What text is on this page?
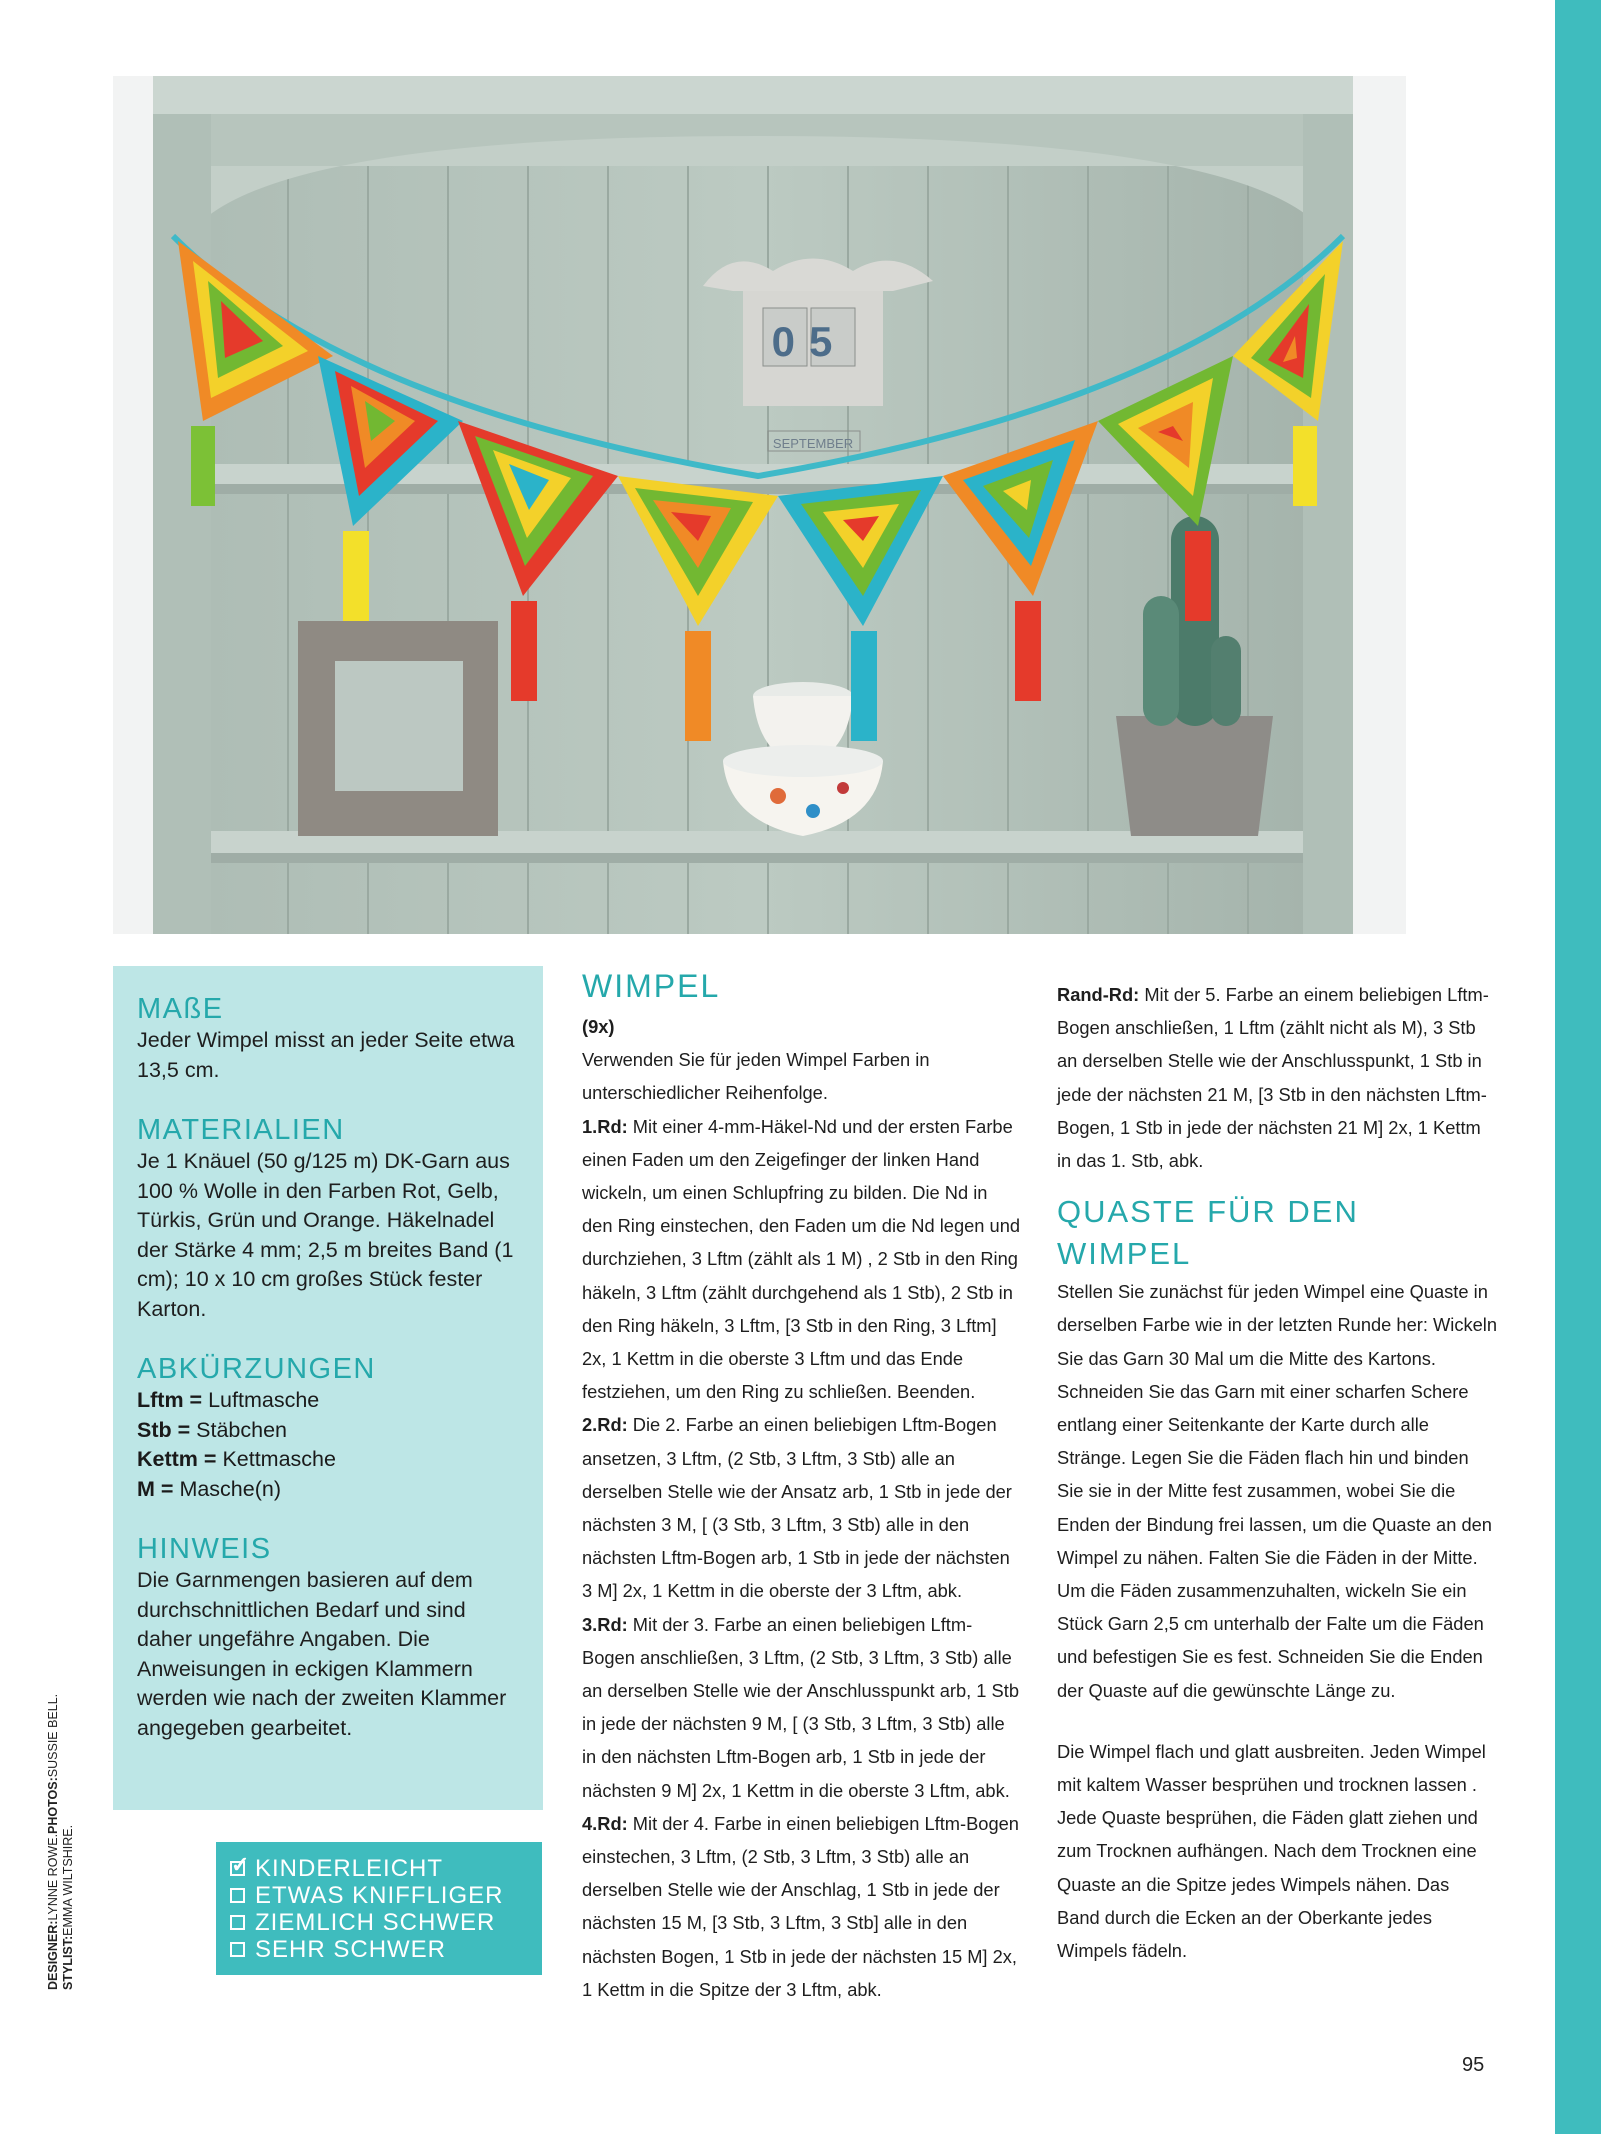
05
SEPTEMBER
MAßE

Jeder Wimpel misst an jeder Seite etwa 13,5 cm.

MATERIALIEN

Je 1 Knäuel (50 g/125 m) DK-Garn aus 100 % Wolle in den Farben Rot, Gelb, Türkis, Grün und Orange. Häkelnadel der Stärke 4 mm; 2,5 m breites Band (1 cm); 10 x 10 cm großes Stück fester Karton.

ABKÜRZUNGEN
Lftm = Luftmasche
Stb = Stäbchen
Kettm = Kettmasche
M = Masche(n)
HINWEIS

Die Garnmengen basieren auf dem durchschnittlichen Bedarf und sind daher ungefähre Angaben. Die Anweisungen in eckigen Klammern werden wie nach der zweiten Klammer angegeben gearbeitet.

✓ KINDERLEICHT
ETWAS KNIFFLIGER
ZIEMLICH SCHWER
SEHR SCHWER
DESIGNER:LYNNE ROWE.PHOTOS:SUSSIE BELL.
STYLIST:EMMA WILTSHIRE.
WIMPEL

(9x)

Verwenden Sie für jeden Wimpel Farben in unterschiedlicher Reihenfolge.

1.Rd: Mit einer 4-mm-Häkel-Nd und der ersten Farbe einen Faden um den Zeigefinger der linken Hand wickeln, um einen Schlupfring zu bilden. Die Nd in den Ring einstechen, den Faden um die Nd legen und durchziehen, 3 Lftm (zählt als 1 M) , 2 Stb in den Ring häkeln, 3 Lftm (zählt durchgehend als 1 Stb), 2 Stb in den Ring häkeln, 3 Lftm, [3 Stb in den Ring, 3 Lftm] 2x, 1 Kettm in die oberste 3 Lftm und das Ende festziehen, um den Ring zu schließen. Beenden.

2.Rd: Die 2. Farbe an einen beliebigen Lftm-Bogen ansetzen, 3 Lftm, (2 Stb, 3 Lftm, 3 Stb) alle an derselben Stelle wie der Ansatz arb, 1 Stb in jede der nächsten 3 M, [ (3 Stb, 3 Lftm, 3 Stb) alle in den nächsten Lftm-Bogen arb, 1 Stb in jede der nächsten 3 M] 2x, 1 Kettm in die oberste der 3 Lftm, abk.

3.Rd: Mit der 3. Farbe an einen beliebigen Lftm-Bogen anschließen, 3 Lftm, (2 Stb, 3 Lftm, 3 Stb) alle an derselben Stelle wie der Anschlusspunkt arb, 1 Stb in jede der nächsten 9 M, [ (3 Stb, 3 Lftm, 3 Stb) alle in den nächsten Lftm-Bogen arb, 1 Stb in jede der nächsten 9 M] 2x, 1 Kettm in die oberste 3 Lftm, abk.

4.Rd: Mit der 4. Farbe in einen beliebigen Lftm-Bogen einstechen, 3 Lftm, (2 Stb, 3 Lftm, 3 Stb) alle an derselben Stelle wie der Anschlag, 1 Stb in jede der nächsten 15 M, [3 Stb, 3 Lftm, 3 Stb] alle in den nächsten Bogen, 1 Stb in jede der nächsten 15 M] 2x, 1 Kettm in die Spitze der 3 Lftm, abk.

Rand-Rd: Mit der 5. Farbe an einem beliebigen Lftm-Bogen anschließen, 1 Lftm (zählt nicht als M), 3 Stb an derselben Stelle wie der Anschlusspunkt, 1 Stb in jede der nächsten 21 M, [3 Stb in den nächsten Lftm-Bogen, 1 Stb in jede der nächsten 21 M] 2x, 1 Kettm in das 1. Stb, abk.

QUASTE FÜR DEN WIMPEL

Stellen Sie zunächst für jeden Wimpel eine Quaste in derselben Farbe wie in der letzten Runde her: Wickeln Sie das Garn 30 Mal um die Mitte des Kartons. Schneiden Sie das Garn mit einer scharfen Schere entlang einer Seitenkante der Karte durch alle Stränge. Legen Sie die Fäden flach hin und binden Sie sie in der Mitte fest zusammen, wobei Sie die Enden der Bindung frei lassen, um die Quaste an den Wimpel zu nähen. Falten Sie die Fäden in der Mitte. Um die Fäden zusammenzuhalten, wickeln Sie ein Stück Garn 2,5 cm unterhalb der Falte um die Fäden und befestigen Sie es fest. Schneiden Sie die Enden der Quaste auf die gewünschte Länge zu.

Die Wimpel flach und glatt ausbreiten. Jeden Wimpel mit kaltem Wasser besprühen und trocknen lassen . Jede Quaste besprühen, die Fäden glatt ziehen und zum Trocknen aufhängen. Nach dem Trocknen eine Quaste an die Spitze jedes Wimpels nähen. Das Band durch die Ecken an der Oberkante jedes Wimpels fädeln.

95
